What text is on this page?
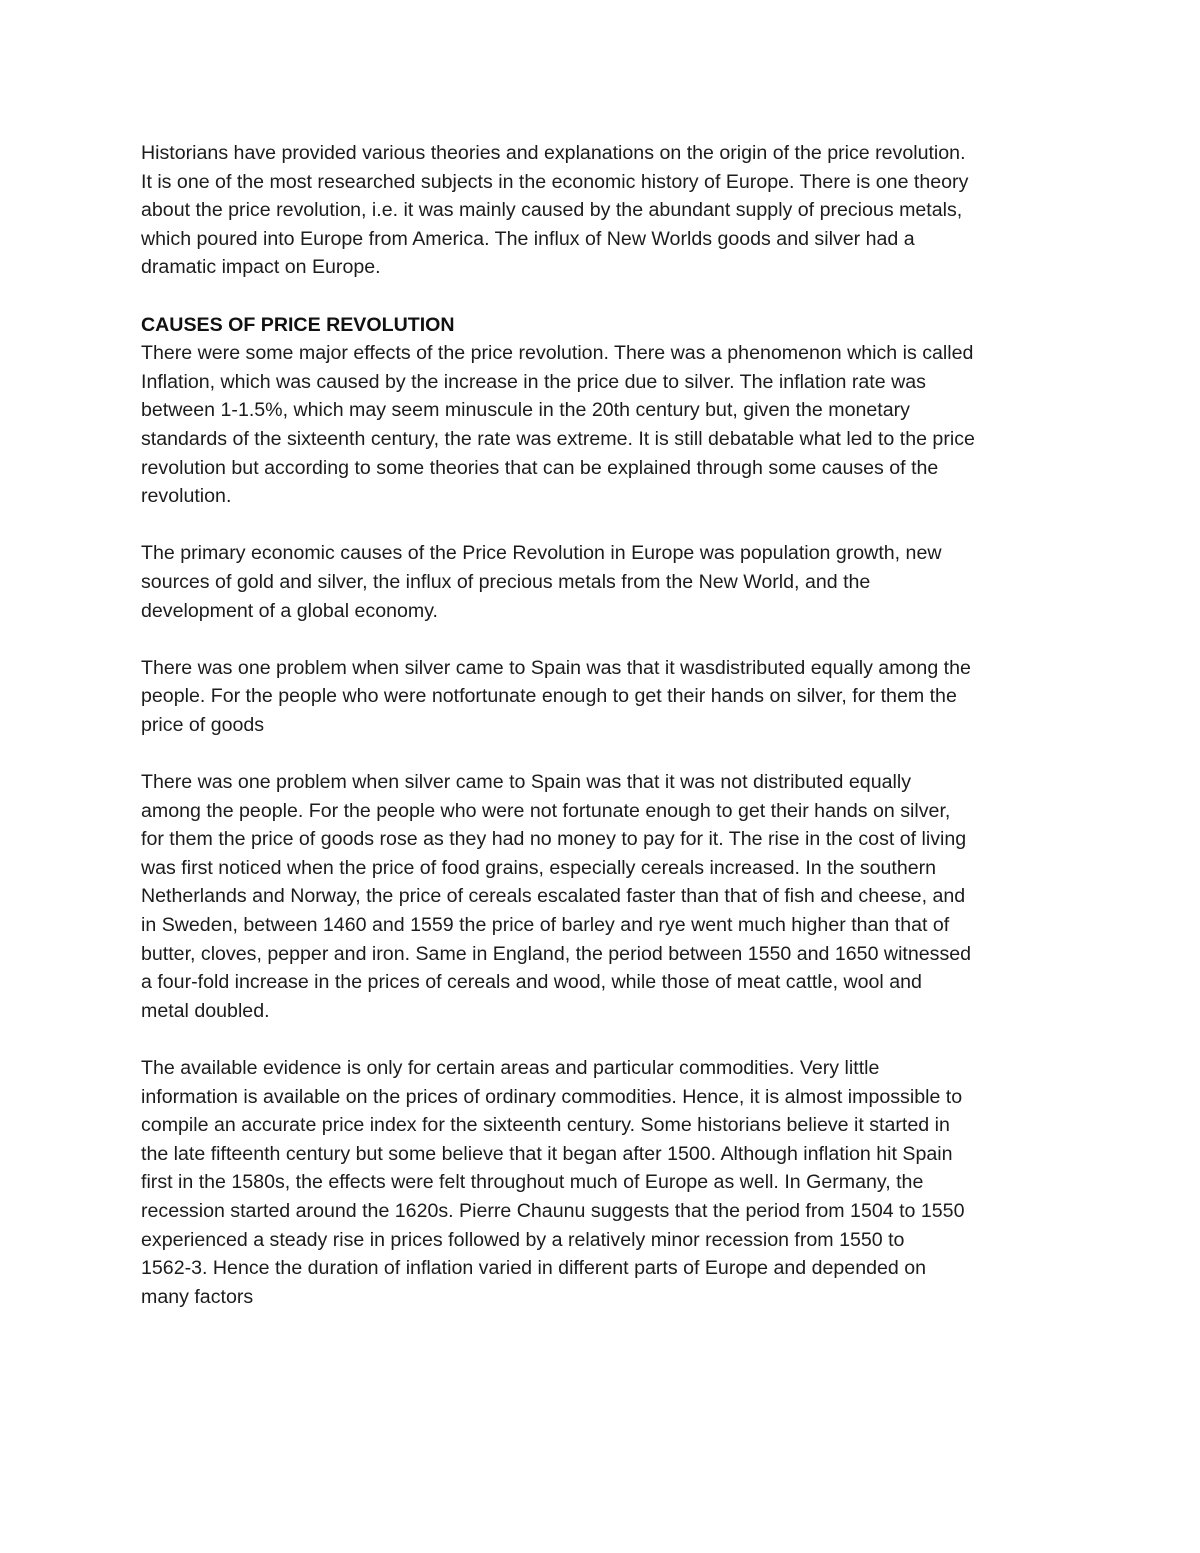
Historians have provided various theories and explanations on the origin of the price revolution.
It is one of the most researched subjects in the economic history of Europe. There is one theory
about the price revolution, i.e. it was mainly caused by the abundant supply of precious metals,
which poured into Europe from America. The influx of New Worlds goods and silver had a
dramatic impact on Europe.
CAUSES OF PRICE REVOLUTION
There were some major effects of the price revolution. There was a phenomenon which is called
Inflation, which was caused by the increase in the price due to silver. The inflation rate was
between 1-1.5%, which may seem minuscule in the 20th century but, given the monetary
standards of the sixteenth century, the rate was extreme. It is still debatable what led to the price
revolution but according to some theories that can be explained through some causes of the
revolution.
The primary economic causes of the Price Revolution in Europe was population growth, new
sources of gold and silver, the influx of precious metals from the New World, and the
development of a global economy.
There was one problem when silver came to Spain was that it wasdistributed equally among the
people. For the people who were notfortunate enough to get their hands on silver, for them the
price of goods
There was one problem when silver came to Spain was that it was not distributed equally
among the people. For the people who were not fortunate enough to get their hands on silver,
for them the price of goods rose as they had no money to pay for it. The rise in the cost of living
was first noticed when the price of food grains, especially cereals increased. In the southern
Netherlands and Norway, the price of cereals escalated faster than that of fish and cheese, and
in Sweden, between 1460 and 1559 the price of barley and rye went much higher than that of
butter, cloves, pepper and iron. Same in England, the period between 1550 and 1650 witnessed
a four-fold increase in the prices of cereals and wood, while those of meat cattle, wool and
metal doubled.
The available evidence is only for certain areas and particular commodities. Very little
information is available on the prices of ordinary commodities. Hence, it is almost impossible to
compile an accurate price index for the sixteenth century. Some historians believe it started in
the late fifteenth century but some believe that it began after 1500. Although inflation hit Spain
first in the 1580s, the effects were felt throughout much of Europe as well. In Germany, the
recession started around the 1620s. Pierre Chaunu suggests that the period from 1504 to 1550
experienced a steady rise in prices followed by a relatively minor recession from 1550 to
1562-3. Hence the duration of inflation varied in different parts of Europe and depended on
many factors
